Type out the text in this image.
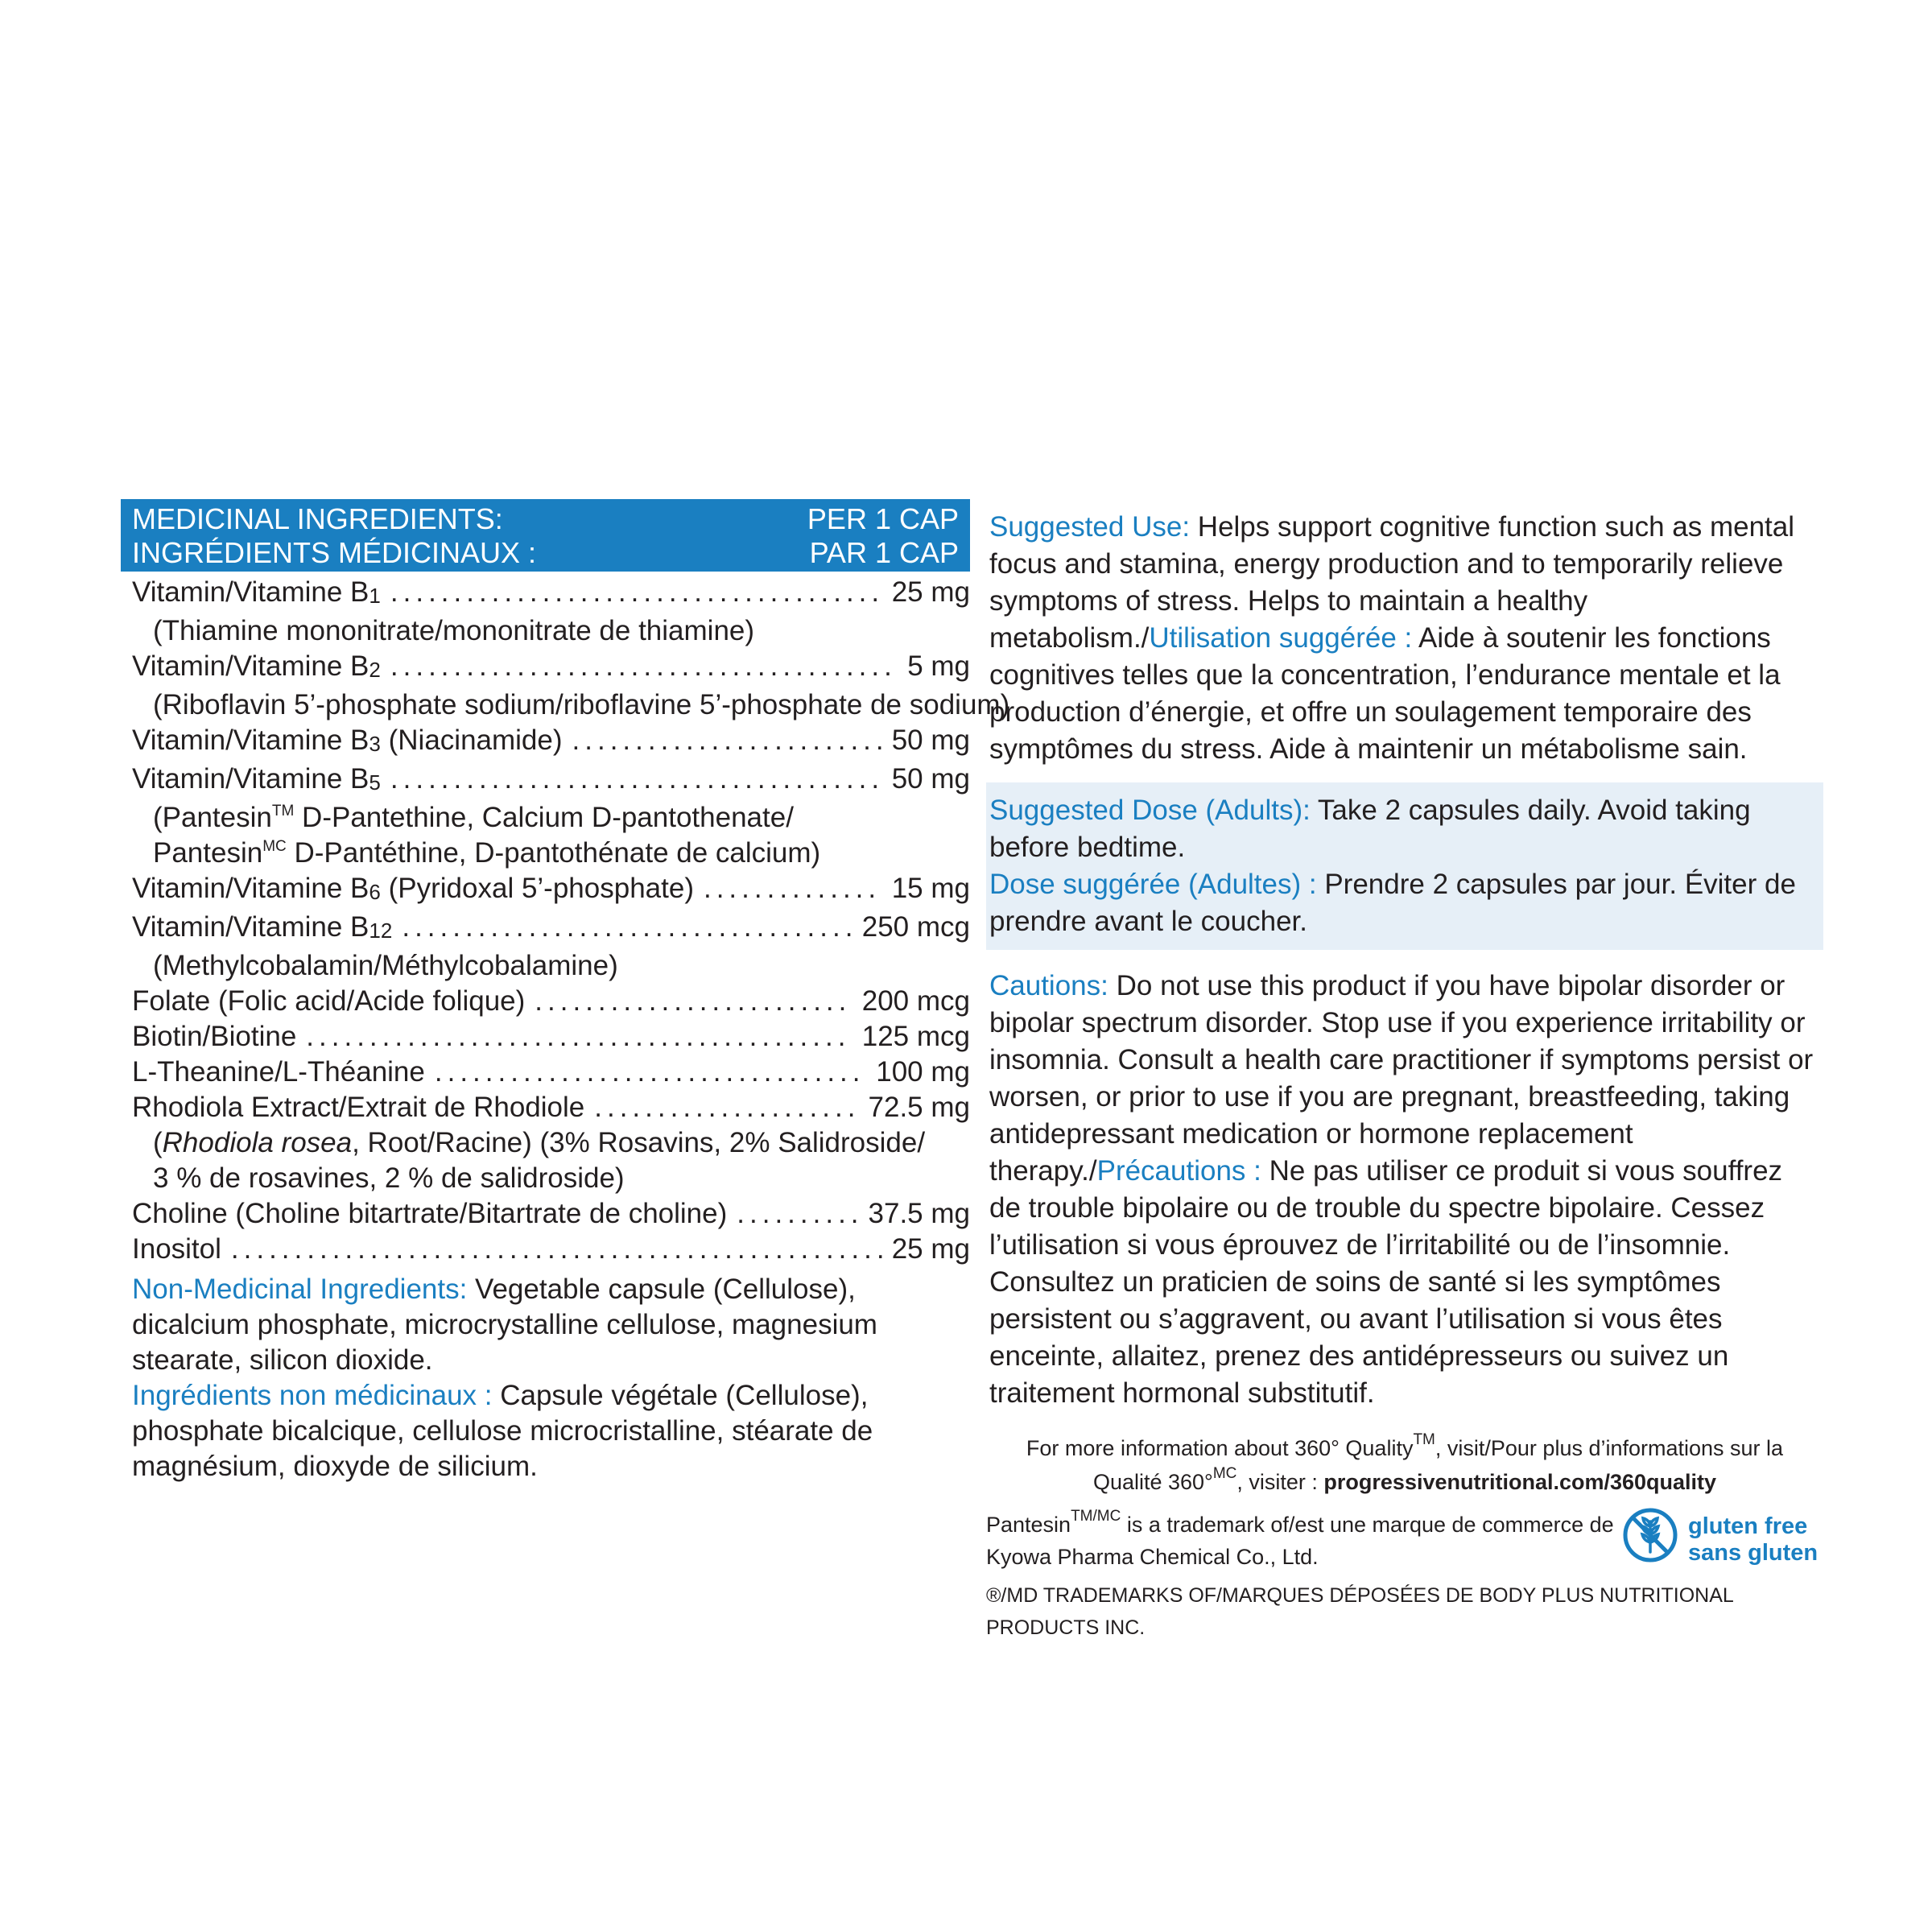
MEDICINAL INGREDIENTS:	PER 1 CAP
INGRÉDIENTS MÉDICINAUX :	PAR 1 CAP
Vitamin/Vitamine $B_1$ .....	25 mg
(Thiamine mononitrate/mononitrate de thiamine)
Vitamin/Vitamine $B_2$ .....	5 mg
(Riboflavin 5’-phosphate sodium/riboflavine 5’-phosphate de sodium)
Vitamin/Vitamine $B_3$ (Niacinamide) .....	50 mg
Vitamin/Vitamine $B_5$ .....	50 mg
(Pantesin™ D-Pantethine, Calcium D-pantothenate/
Pantesin$^{MC}$ D-Pantéthine, D-pantothénate de calcium)
Vitamin/Vitamine $B_6$ (Pyridoxal 5’-phosphate) .....	15 mg
Vitamin/Vitamine $B_{12}$ .....	250 mcg
(Methylcobalamin/Méthylcobalamine)
Folate (Folic acid/Acide folique) .....	200 mcg
Biotin/Biotine .....	125 mcg
L-Theanine/L-Théanine .....	100 mg
Rhodiola Extract/Extrait de Rhodiole .....	72.5 mg
(Rhodiola rosea, Root/Racine) (3% Rosavins, 2% Salidroside/
3 % de rosavines, 2 % de salidroside)
Choline (Choline bitartrate/Bitartrate de choline) .....	37.5 mg
Inositol .....	25 mg
Non-Medicinal Ingredients: Vegetable capsule (Cellulose), dicalcium phosphate, microcrystalline cellulose, magnesium stearate, silicon dioxide.
Ingrédients non médicinaux : Capsule végétale (Cellulose), phosphate bicalcique, cellulose microcristalline, stéarate de magnésium, dioxyde de silicium.
Suggested Use: Helps support cognitive function such as mental focus and stamina, energy production and to temporarily relieve symptoms of stress. Helps to maintain a healthy metabolism./Utilisation suggérée : Aide à soutenir les fonctions cognitives telles que la concentration, l’endurance mentale et la production d’énergie, et offre un soulagement temporaire des symptômes du stress. Aide à maintenir un métabolisme sain.
Suggested Dose (Adults): Take 2 capsules daily. Avoid taking before bedtime.
Dose suggérée (Adultes) : Prendre 2 capsules par jour. Éviter de prendre avant le coucher.
Cautions: Do not use this product if you have bipolar disorder or bipolar spectrum disorder. Stop use if you experience irritability or insomnia. Consult a health care practitioner if symptoms persist or worsen, or prior to use if you are pregnant, breastfeeding, taking antidepressant medication or hormone replacement therapy./Précautions : Ne pas utiliser ce produit si vous souffrez de trouble bipolaire ou de trouble du spectre bipolaire. Cessez l’utilisation si vous éprouvez de l’irritabilité ou de l’insomnie. Consultez un praticien de soins de santé si les symptômes persistent ou s’aggravent, ou avant l’utilisation si vous êtes enceinte, allaitez, prenez des antidépresseurs ou suivez un traitement hormonal substitutif.
For more information about 360° Quality™, visit/Pour plus d’informations sur la
Qualité 360°$^{MC}$, visiter : progressivenutritional.com/360quality
Pantesin$^{TM/MC}$ is a trademark of/est une marque de commerce de
Kyowa Pharma Chemical Co., Ltd.
gluten free
sans gluten
®/MD TRADEMARKS OF/MARQUES DÉPOSÉES DE BODY PLUS NUTRITIONAL PRODUCTS INC.
